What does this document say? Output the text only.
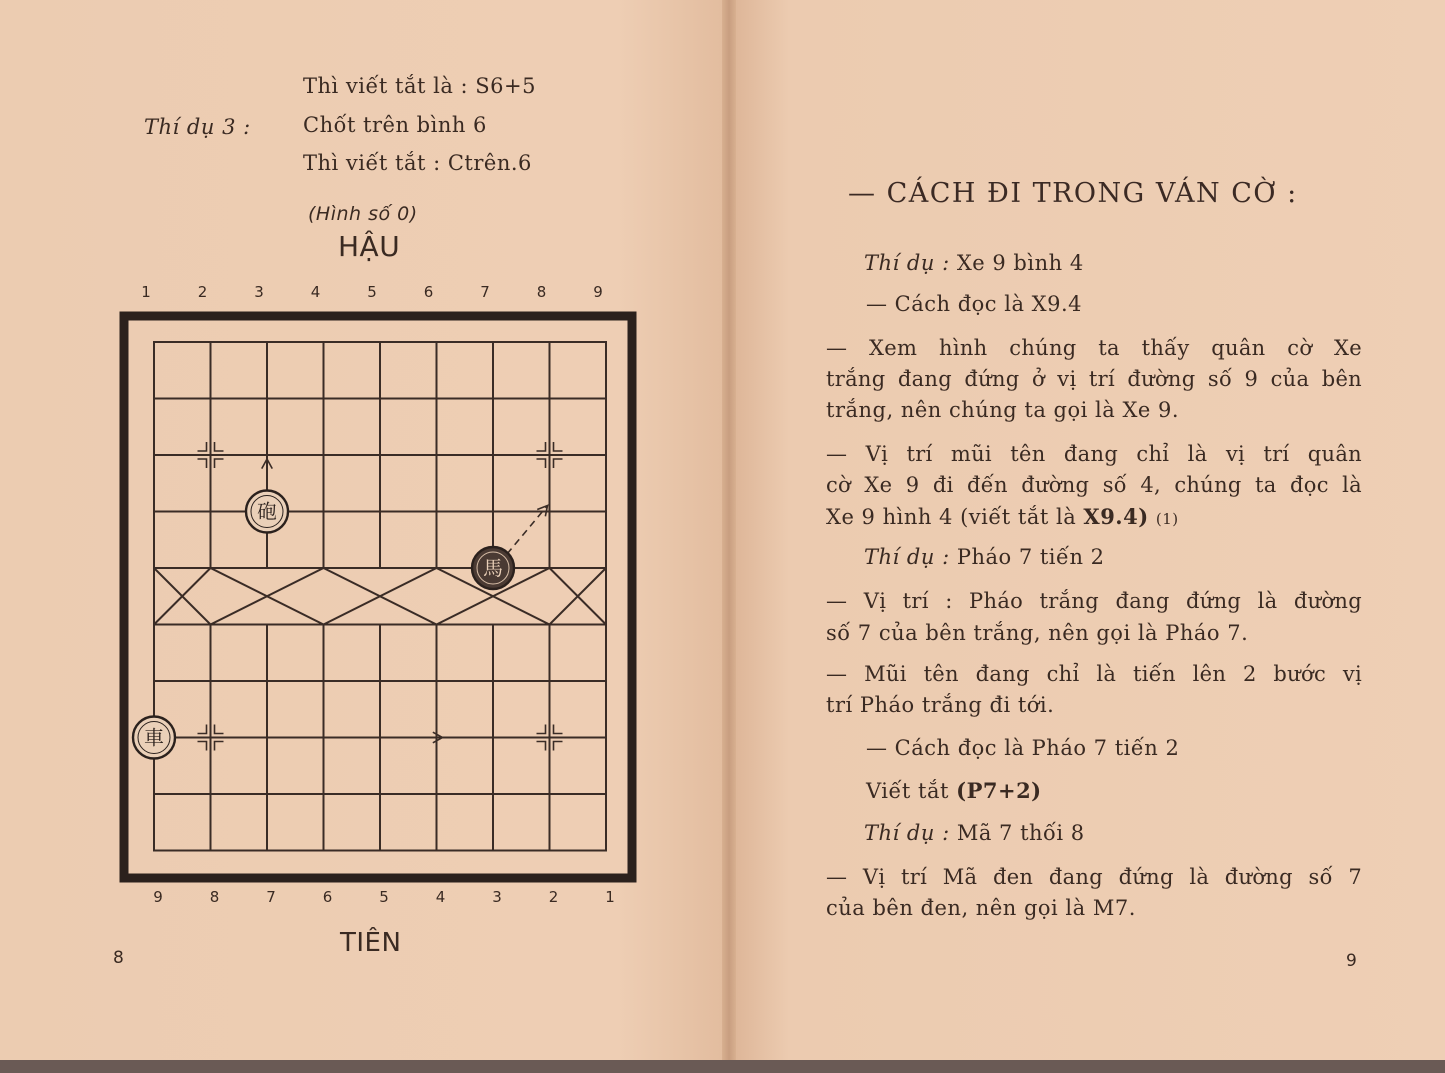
Thì viết tắt là : S6+5
Thí dụ 3 : Chốt trên bình 6
Thì viết tắt : Ctrên.6
(Hình số 0)
HẬU
1	2	3	4	5	6	7	8	9
砲
馬
車
9	8	7	6	5	4	3	2	1
TIÊN
8
— CÁCH ĐI TRONG VÁN CỜ :
Thí dụ : Xe 9 bình 4
— Cách đọc là X9.4
— Xem hình chúng ta thấy quân cờ Xe
trắng đang đứng ở vị trí đường số 9 của bên
trắng, nên chúng ta gọi là Xe 9.
— Vị trí mũi tên đang chỉ là vị trí quân
cờ Xe 9 đi đến đường số 4, chúng ta đọc là
Xe 9 hình 4 (viết tắt là X9.4) (1)
Thí dụ : Pháo 7 tiến 2
— Vị trí : Pháo trắng đang đứng là đường
số 7 của bên trắng, nên gọi là Pháo 7.
— Mũi tên đang chỉ là tiến lên 2 bước vị
trí Pháo trắng đi tới.
— Cách đọc là Pháo 7 tiến 2
Viết tắt (P7+2)
Thí dụ : Mã 7 thối 8
— Vị trí Mã đen đang đứng là đường số 7
của bên đen, nên gọi là M7.
9
